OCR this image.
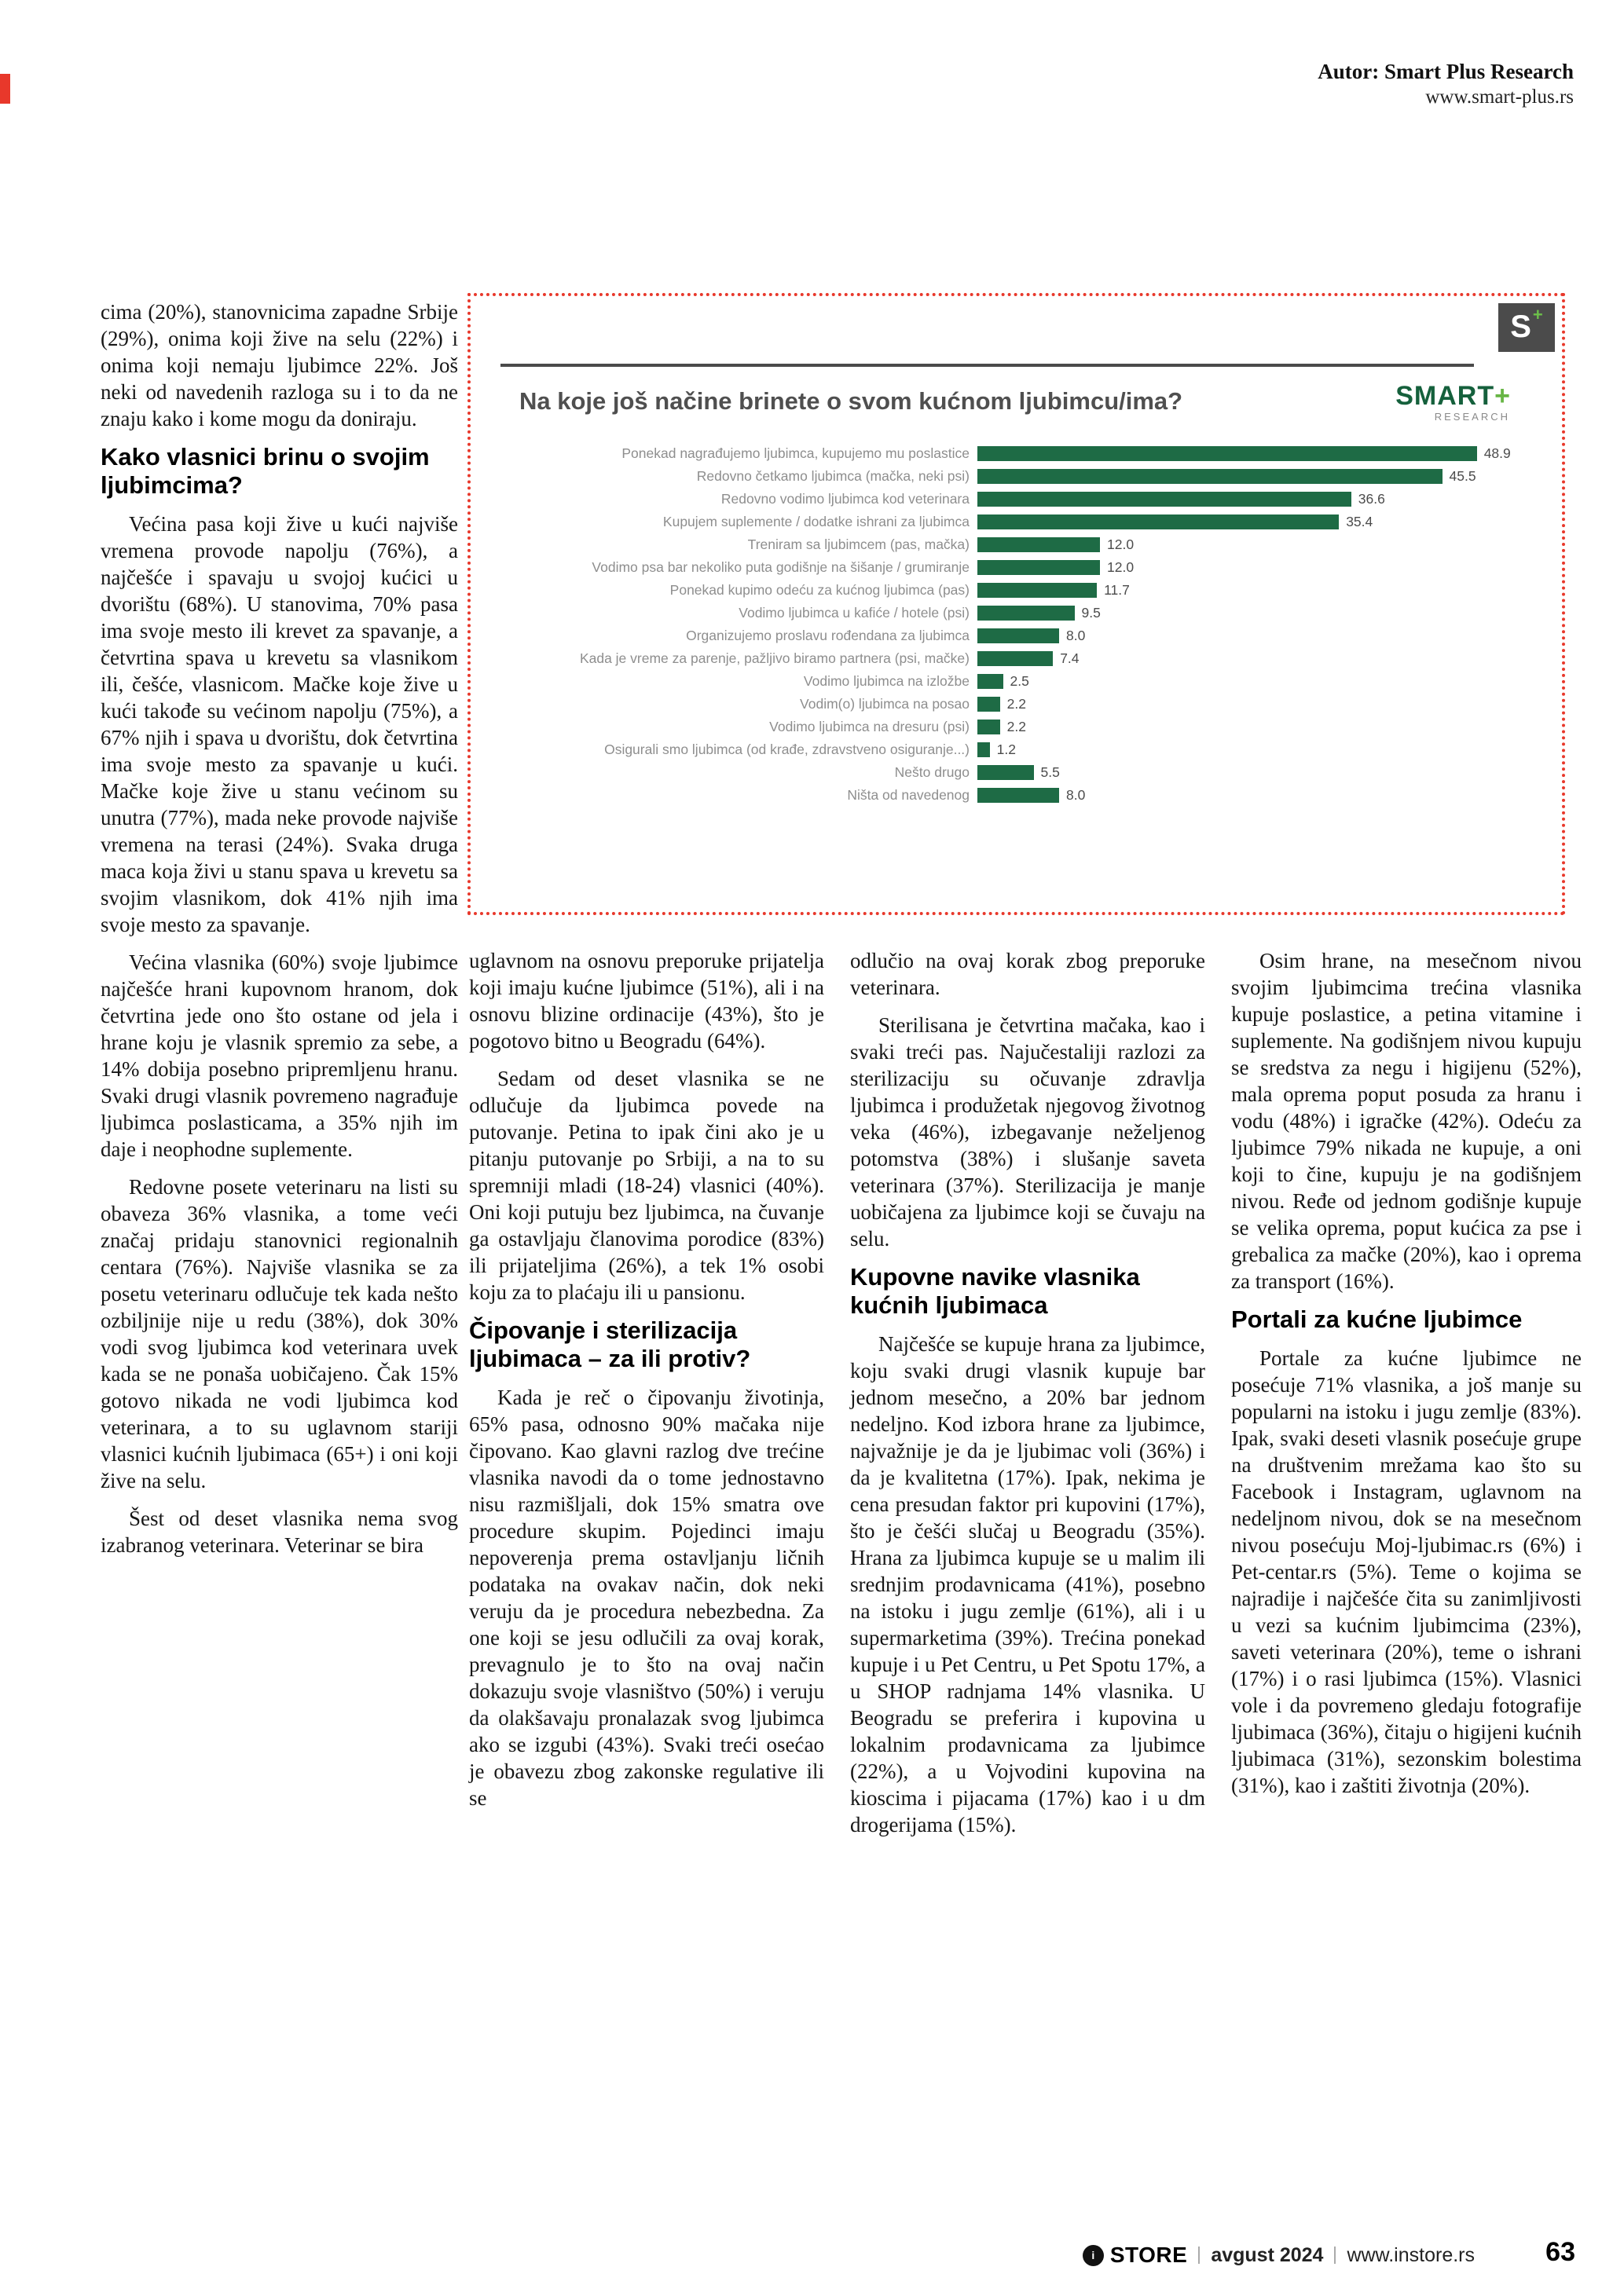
Autor: Smart Plus Research
www.smart-plus.rs
S +
Na koje još načine brinete o svom kućnom ljubimcu/ima?	SMART+
RESEARCH
Ponekad nagrađujemo ljubimca, kupujemo mu poslastice	48.9
Redovno četkamo ljubimca (mačka, neki psi)	45.5
Redovno vodimo ljubimca kod veterinara	36.6
Kupujem suplemente / dodatke ishrani za ljubimca	35.4
Treniram sa ljubimcem (pas, mačka)	12.0
Vodimo psa bar nekoliko puta godišnje na šišanje / grumiranje	12.0
Ponekad kupimo odeću za kućnog ljubimca (pas)	11.7
Vodimo ljubimca u kafiće / hotele (psi)	9.5
Organizujemo proslavu rođendana za ljubimca	8.0
Kada je vreme za parenje, pažljivo biramo partnera (psi, mačke)	7.4
Vodimo ljubimca na izložbe	2.5
Vodim(o) ljubimca na posao	2.2
Vodimo ljubimca na dresuru (psi)	2.2
Osigurali smo ljubimca (od krađe, zdravstveno osiguranje...)	1.2
Nešto drugo	5.5
Ništa od navedenog	8.0

cima (20%), stanovnicima zapadne Srbije (29%), onima koji žive na selu (22%) i onima koji nemaju ljubimce 22%. Još neki od navedenih razloga su i to da ne znaju kako i kome mogu da doniraju.

Kako vlasnici brinu o svojim ljubimcima?

Većina pasa koji žive u kući najviše vremena provode napolju (76%), a najčešće i spavaju u svojoj kućici u dvorištu (68%). U stanovima, 70% pasa ima svoje mesto ili krevet za spavanje, a četvrtina spava u krevetu sa vlasnikom ili, češće, vlasnicom. Mačke koje žive u kući takođe su većinom napolju (75%), a 67% njih i spava u dvorištu, dok četvrtina ima svoje mesto za spavanje u kući. Mačke koje žive u stanu većinom su unutra (77%), mada neke provode najviše vremena na terasi (24%). Svaka druga maca koja živi u stanu spava u krevetu sa svojim vlasnikom, dok 41% njih ima svoje mesto za spavanje.

Većina vlasnika (60%) svoje ljubimce najčešće hrani kupovnom hranom, dok četvrtina jede ono što ostane od jela i hrane koju je vlasnik spremio za sebe, a 14% dobija posebno pripremljenu hranu. Svaki drugi vlasnik povremeno nagrađuje ljubimca poslasticama, a 35% njih im daje i neophodne suplemente.

Redovne posete veterinaru na listi su obaveza 36% vlasnika, a tome veći značaj pridaju stanovnici regionalnih centara (76%). Najviše vlasnika se za posetu veterinaru odlučuje tek kada nešto ozbiljnije nije u redu (38%), dok 30% vodi svog ljubimca kod veterinara uvek kada se ne ponaša uobičajeno. Čak 15% gotovo nikada ne vodi ljubimca kod veterinara, a to su uglavnom stariji vlasnici kućnih ljubimaca (65+) i oni koji žive na selu.

Šest od deset vlasnika nema svog izabranog veterinara. Veterinar se bira

uglavnom na osnovu preporuke prijatelja koji imaju kućne ljubimce (51%), ali i na osnovu blizine ordinacije (43%), što je pogotovo bitno u Beogradu (64%).

Sedam od deset vlasnika se ne odlučuje da ljubimca povede na putovanje. Petina to ipak čini ako je u pitanju putovanje po Srbiji, a na to su spremniji mladi (18-24) vlasnici (40%). Oni koji putuju bez ljubimca, na čuvanje ga ostavljaju članovima porodice (83%) ili prijateljima (26%), a tek 1% osobi koju za to plaćaju ili u pansionu.

Čipovanje i sterilizacija ljubimaca – za ili protiv?

Kada je reč o čipovanju životinja, 65% pasa, odnosno 90% mačaka nije čipovano. Kao glavni razlog dve trećine vlasnika navodi da o tome jednostavno nisu razmišljali, dok 15% smatra ove procedure skupim. Pojedinci imaju nepoverenja prema ostavljanju ličnih podataka na ovakav način, dok neki veruju da je procedura nebezbedna. Za one koji se jesu odlučili za ovaj korak, prevagnulo je to što na ovaj način dokazuju svoje vlasništvo (50%) i veruju da olakšavaju pronalazak svog ljubimca ako se izgubi (43%). Svaki treći osećao je obavezu zbog zakonske regulative ili se

odlučio na ovaj korak zbog preporuke veterinara.

Sterilisana je četvrtina mačaka, kao i svaki treći pas. Najučestaliji razlozi za sterilizaciju su očuvanje zdravlja ljubimca i produžetak njegovog životnog veka (46%), izbegavanje neželjenog potomstva (38%) i slušanje saveta veterinara (37%). Sterilizacija je manje uobičajena za ljubimce koji se čuvaju na selu.

Kupovne navike vlasnika kućnih ljubimaca

Najčešće se kupuje hrana za ljubimce, koju svaki drugi vlasnik kupuje bar jednom mesečno, a 20% bar jednom nedeljno. Kod izbora hrane za ljubimce, najvažnije je da je ljubimac voli (36%) i da je kvalitetna (17%). Ipak, nekima je cena presudan faktor pri kupovini (17%), što je češći slučaj u Beogradu (35%). Hrana za ljubimca kupuje se u malim ili srednjim prodavnicama (41%), posebno na istoku i jugu zemlje (61%), ali i u supermarketima (39%). Trećina ponekad kupuje i u Pet Centru, u Pet Spotu 17%, a u SHOP radnjama 14% vlasnika. U Beogradu se preferira i kupovina u lokalnim prodavnicama za ljubimce (22%), a u Vojvodini kupovina na kioscima i pijacama (17%) kao i u dm drogerijama (15%).

Osim hrane, na mesečnom nivou svojim ljubimcima trećina vlasnika kupuje poslastice, a petina vitamine i suplemente. Na godišnjem nivou kupuju se sredstva za negu i higijenu (52%), mala oprema poput posuda za hranu i vodu (48%) i igračke (42%). Odeću za ljubimce 79% nikada ne kupuje, a oni koji to čine, kupuju je na godišnjem nivou. Ređe od jednom godišnje kupuje se velika oprema, poput kućica za pse i grebalica za mačke (20%), kao i oprema za transport (16%).

Portali za kućne ljubimce

Portale za kućne ljubimce ne posećuje 71% vlasnika, a još manje su popularni na istoku i jugu zemlje (83%). Ipak, svaki deseti vlasnik posećuje grupe na društvenim mrežama kao što su Facebook i Instagram, uglavnom na nedeljnom nivou, dok se na mesečnom nivou posećuju Moj-ljubimac.rs (6%) i Pet-centar.rs (5%). Teme o kojima se najradije i najčešće čita su zanimljivosti u vezi sa kućnim ljubimcima (23%), saveti veterinara (20%), teme o ishrani (17%) i o rasi ljubimca (15%). Vlasnici vole i da povremeno gledaju fotografije ljubimaca (36%), čitaju o higijeni kućnih ljubimaca (31%), sezonskim bolestima (31%), kao i zaštiti životnja (20%).

i STORE avgust 2024 www.instore.rs	63
